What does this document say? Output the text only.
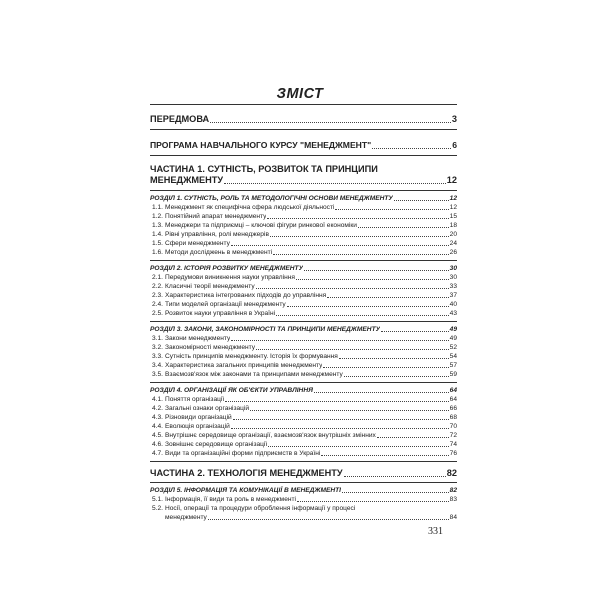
ЗМІСТ
ПЕРЕДМОВА	3
ПРОГРАМА НАВЧАЛЬНОГО КУРСУ "МЕНЕДЖМЕНТ"	6
ЧАСТИНА 1. СУТНІСТЬ, РОЗВИТОК ТА ПРИНЦИПИ
МЕНЕДЖМЕНТУ	12
РОЗДІЛ 1. СУТНІСТЬ, РОЛЬ ТА МЕТОДОЛОГІЧНІ ОСНОВИ МЕНЕДЖМЕНТУ	12
1.1. Менеджмент як специфічна сфера людської діяльності	12
1.2. Понятійний апарат менеджменту	15
1.3. Менеджери та підприємці – ключові фігури ринкової економіки	18
1.4. Рівні управління, ролі менеджерів	20
1.5. Сфери менеджменту	24
1.6. Методи досліджень в менеджменті	26
РОЗДІЛ 2. ІСТОРІЯ РОЗВИТКУ МЕНЕДЖМЕНТУ	30
2.1. Передумови виникнення науки управління	30
2.2. Класичні теорії менеджменту	33
2.3. Характеристика інтегрованих підходів до управління	37
2.4. Типи моделей організації менеджменту	40
2.5. Розвиток науки управління в Україні	43
РОЗДІЛ 3. ЗАКОНИ, ЗАКОНОМІРНОСТІ ТА ПРИНЦИПИ МЕНЕДЖМЕНТУ	49
3.1. Закони менеджменту	49
3.2. Закономірності менеджменту	52
3.3. Сутність принципів менеджменту. Історія їх формування	54
3.4. Характеристика загальних принципів менеджменту	57
3.5. Взаємозв'язок між законами та принципами менеджменту	59
РОЗДІЛ 4. ОРГАНІЗАЦІЇ ЯК ОБ'ЄКТИ УПРАВЛІННЯ	64
4.1. Поняття організації	64
4.2. Загальні ознаки організацій	66
4.3. Різновиди організацій	68
4.4. Еволюція організацій	70
4.5. Внутрішнє середовище організації, взаємозв'язок внутрішніх змінних	72
4.6. Зовнішнє середовище організації	74
4.7. Види та організаційні форми підприємств в Україні	76
ЧАСТИНА 2. ТЕХНОЛОГІЯ МЕНЕДЖМЕНТУ	82
РОЗДІЛ 5. ІНФОРМАЦІЯ ТА КОМУНІКАЦІЇ В МЕНЕДЖМЕНТІ	82
5.1. Інформація, її види та роль в менеджменті	83
5.2. Носії, операції та процедури оброблення інформації у процесі
менеджменту	84
331
